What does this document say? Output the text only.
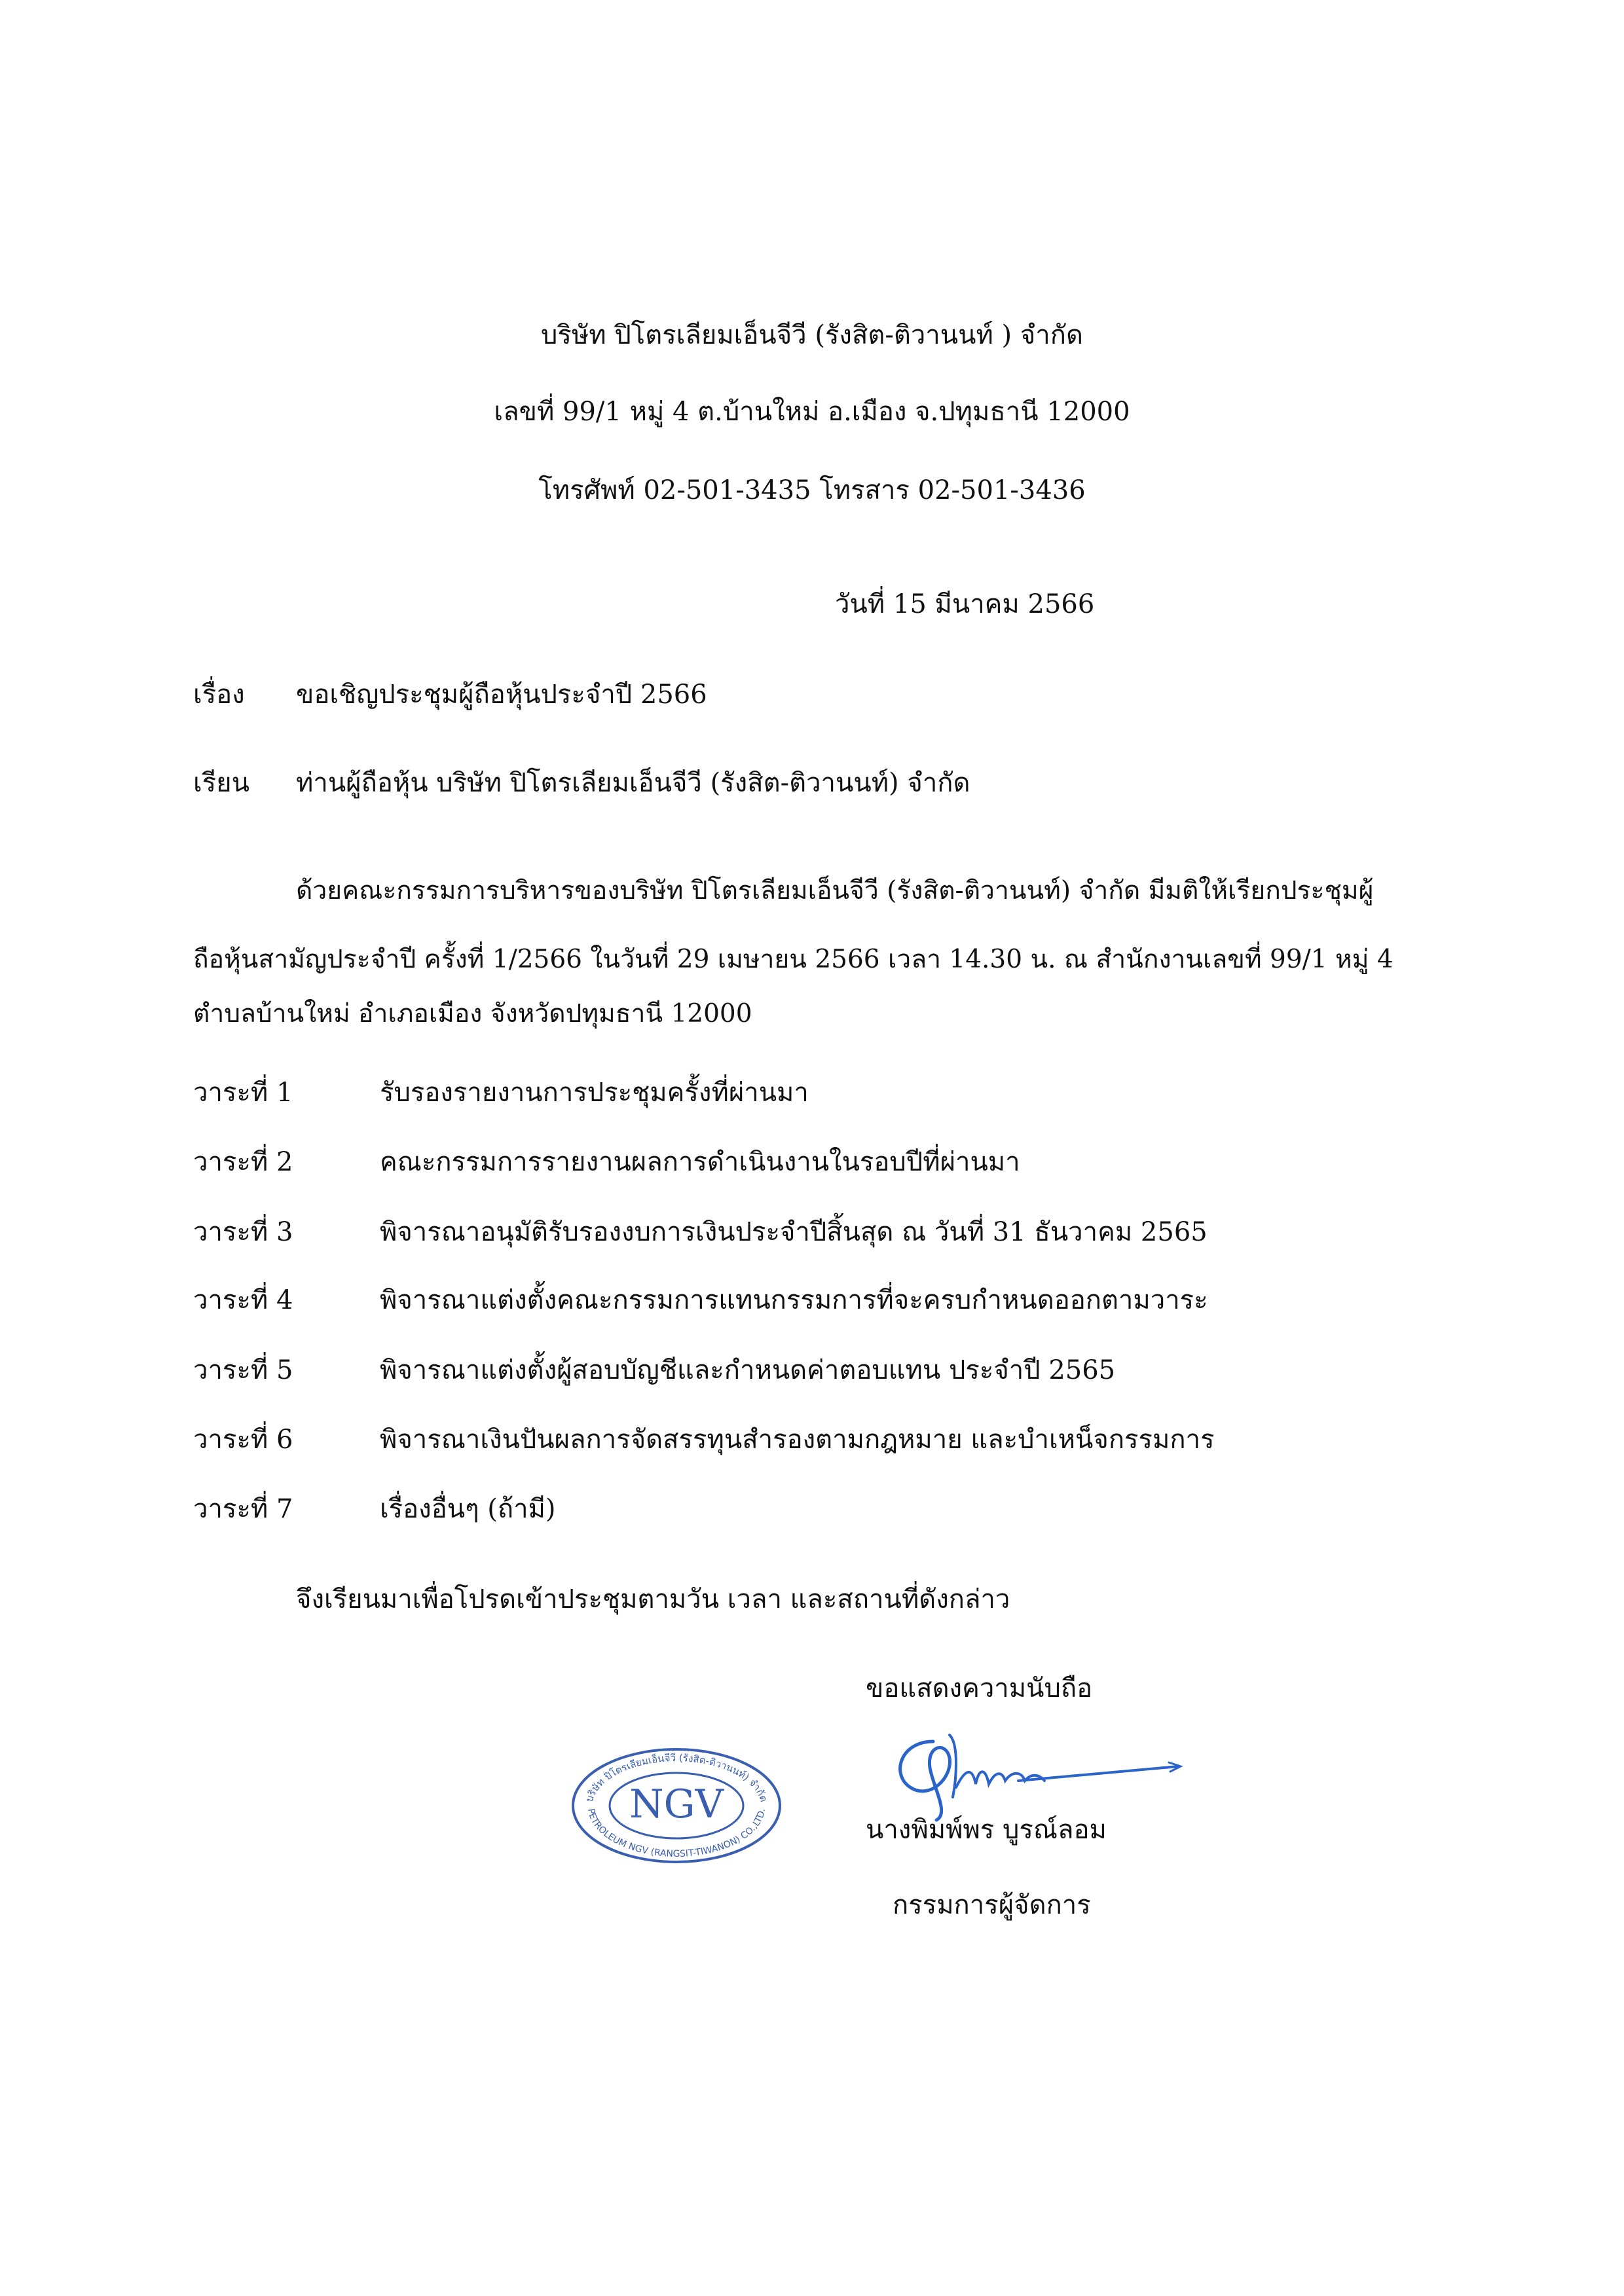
บริษัท ปิโตรเลียมเอ็นจีวี (รังสิต-ติวานนท์ ) จำกัด
เลขที่ 99/1 หมู่ 4 ต.บ้านใหม่ อ.เมือง จ.ปทุมธานี 12000
โทรศัพท์ 02-501-3435 โทรสาร 02-501-3436
วันที่ 15 มีนาคม 2566
เรื่อง ขอเชิญประชุมผู้ถือหุ้นประจำปี 2566
เรียน ท่านผู้ถือหุ้น บริษัท ปิโตรเลียมเอ็นจีวี (รังสิต-ติวานนท์) จำกัด
ด้วยคณะกรรมการบริหารของบริษัท ปิโตรเลียมเอ็นจีวี (รังสิต-ติวานนท์) จำกัด มีมติให้เรียกประชุมผู้
ถือหุ้นสามัญประจำปี ครั้งที่ 1/2566 ในวันที่ 29 เมษายน 2566 เวลา 14.30 น. ณ สำนักงานเลขที่ 99/1 หมู่ 4
ตำบลบ้านใหม่ อำเภอเมือง จังหวัดปทุมธานี 12000
วาระที่ 1	รับรองรายงานการประชุมครั้งที่ผ่านมา
วาระที่ 2	คณะกรรมการรายงานผลการดำเนินงานในรอบปีที่ผ่านมา
วาระที่ 3	พิจารณาอนุมัติรับรองงบการเงินประจำปีสิ้นสุด ณ วันที่ 31 ธันวาคม 2565
วาระที่ 4	พิจารณาแต่งตั้งคณะกรรมการแทนกรรมการที่จะครบกำหนดออกตามวาระ
วาระที่ 5	พิจารณาแต่งตั้งผู้สอบบัญชีและกำหนดค่าตอบแทน ประจำปี 2565
วาระที่ 6	พิจารณาเงินปันผลการจัดสรรทุนสำรองตามกฎหมาย และบำเหน็จกรรมการ
วาระที่ 7	เรื่องอื่นๆ (ถ้ามี)
จึงเรียนมาเพื่อโปรดเข้าประชุมตามวัน เวลา และสถานที่ดังกล่าว
ขอแสดงความนับถือ
NGV
บริษัท ปิโตรเลียมเอ็นจีวี (รังสิต-ติวานนท์) จำกัด
PETROLEUM NGV (RANGSIT-TIWANON) CO.,LTD.
นางพิมพ์พร บูรณ์ลอม
กรรมการผู้จัดการ
